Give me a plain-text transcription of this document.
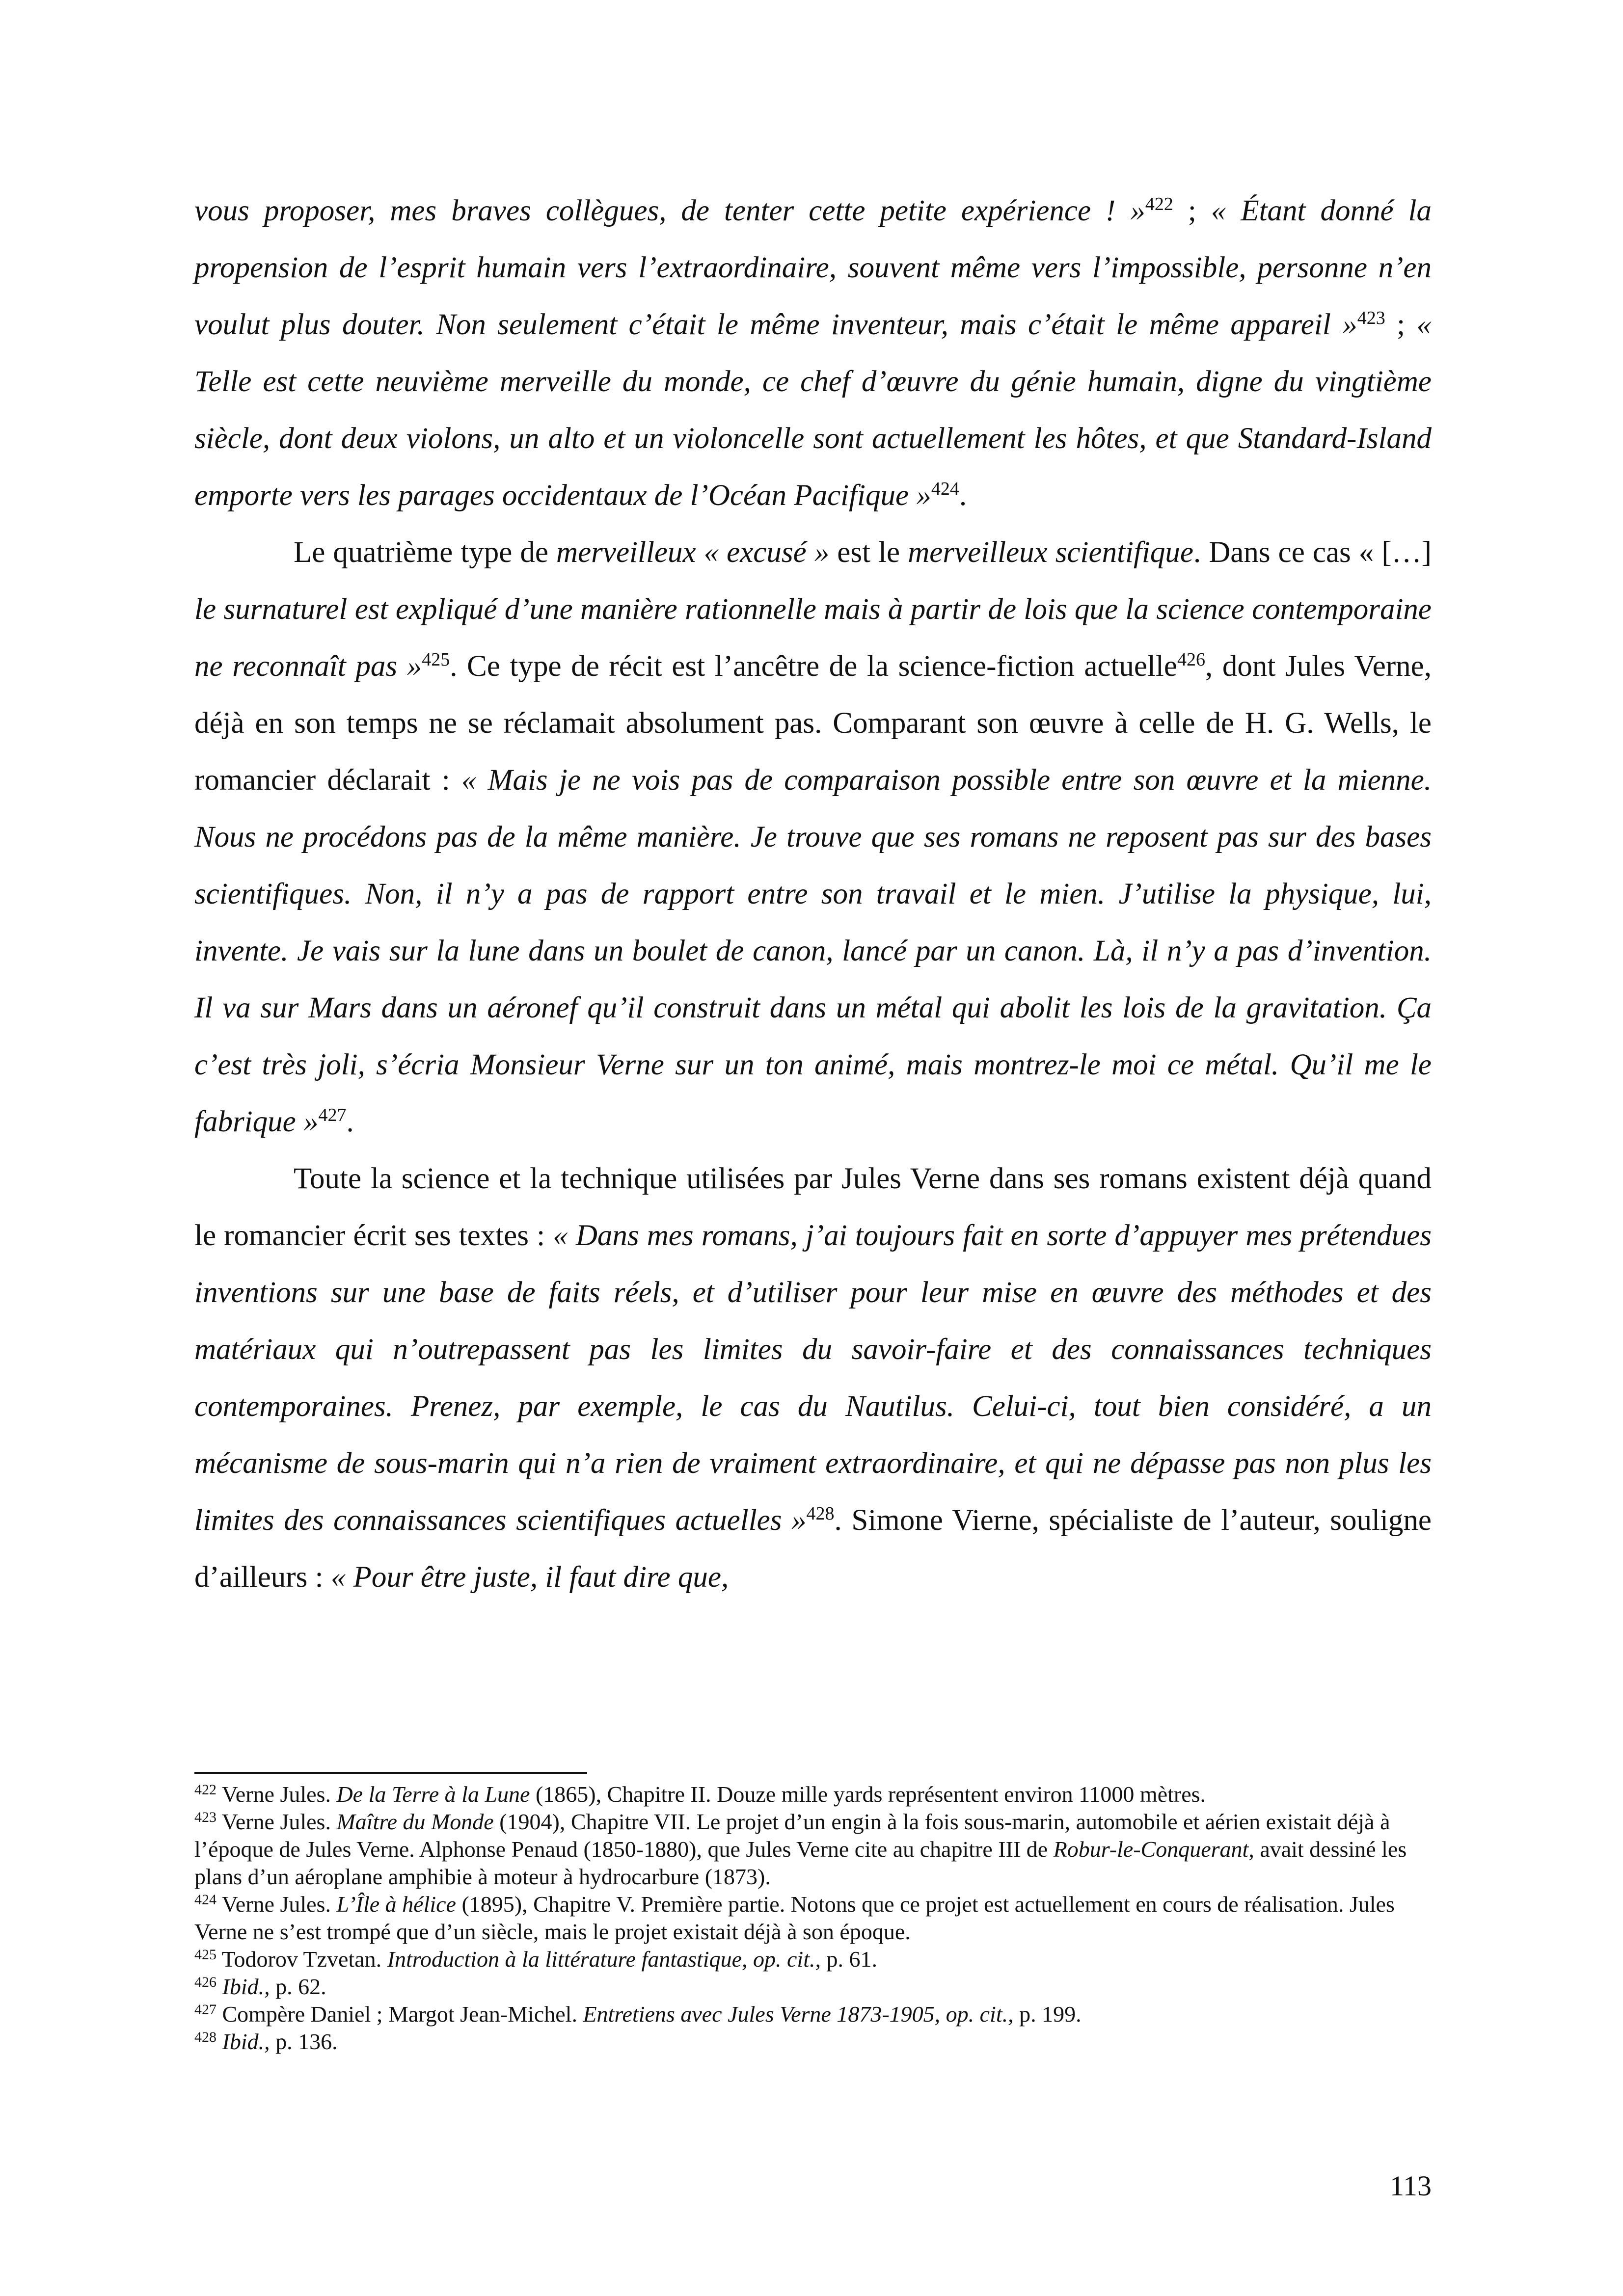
vous proposer, mes braves collègues, de tenter cette petite expérience ! »$^{422}$ ; « Étant donné la propension de l’esprit humain vers l’extraordinaire, souvent même vers l’impossible, personne n’en voulut plus douter. Non seulement c’était le même inventeur, mais c’était le même appareil »$^{423}$ ; « Telle est cette neuvième merveille du monde, ce chef d’œuvre du génie humain, digne du vingtième siècle, dont deux violons, un alto et un violoncelle sont actuellement les hôtes, et que Standard-Island emporte vers les parages occidentaux de l’Océan Pacifique »$^{424}$.

Le quatrième type de merveilleux « excusé » est le merveilleux scientifique. Dans ce cas « […] le surnaturel est expliqué d’une manière rationnelle mais à partir de lois que la science contemporaine ne reconnaît pas »$^{425}$. Ce type de récit est l’ancêtre de la science-fiction actuelle$^{426}$, dont Jules Verne, déjà en son temps ne se réclamait absolument pas. Comparant son œuvre à celle de H. G. Wells, le romancier déclarait : « Mais je ne vois pas de comparaison possible entre son œuvre et la mienne. Nous ne procédons pas de la même manière. Je trouve que ses romans ne reposent pas sur des bases scientifiques. Non, il n’y a pas de rapport entre son travail et le mien. J’utilise la physique, lui, invente. Je vais sur la lune dans un boulet de canon, lancé par un canon. Là, il n’y a pas d’invention. Il va sur Mars dans un aéronef qu’il construit dans un métal qui abolit les lois de la gravitation. Ça c’est très joli, s’écria Monsieur Verne sur un ton animé, mais montrez-le moi ce métal. Qu’il me le fabrique »$^{427}$.

Toute la science et la technique utilisées par Jules Verne dans ses romans existent déjà quand le romancier écrit ses textes : « Dans mes romans, j’ai toujours fait en sorte d’appuyer mes prétendues inventions sur une base de faits réels, et d’utiliser pour leur mise en œuvre des méthodes et des matériaux qui n’outrepassent pas les limites du savoir-faire et des connaissances techniques contemporaines. Prenez, par exemple, le cas du Nautilus. Celui-ci, tout bien considéré, a un mécanisme de sous-marin qui n’a rien de vraiment extraordinaire, et qui ne dépasse pas non plus les limites des connaissances scientifiques actuelles »$^{428}$. Simone Vierne, spécialiste de l’auteur, souligne d’ailleurs : « Pour être juste, il faut dire que,

$^{422}$ Verne Jules. De la Terre à la Lune (1865), Chapitre II. Douze mille yards représentent environ 11000 mètres.

$^{423}$ Verne Jules. Maître du Monde (1904), Chapitre VII. Le projet d’un engin à la fois sous-marin, automobile et aérien existait déjà à l’époque de Jules Verne. Alphonse Penaud (1850-1880), que Jules Verne cite au chapitre III de Robur-le-Conquerant, avait dessiné les plans d’un aéroplane amphibie à moteur à hydrocarbure (1873).

$^{424}$ Verne Jules. L’Île à hélice (1895), Chapitre V. Première partie. Notons que ce projet est actuellement en cours de réalisation. Jules Verne ne s’est trompé que d’un siècle, mais le projet existait déjà à son époque.

$^{425}$ Todorov Tzvetan. Introduction à la littérature fantastique, op. cit., p. 61.

$^{426}$ Ibid., p. 62.

$^{427}$ Compère Daniel ; Margot Jean-Michel. Entretiens avec Jules Verne 1873-1905, op. cit., p. 199.

$^{428}$ Ibid., p. 136.

113
